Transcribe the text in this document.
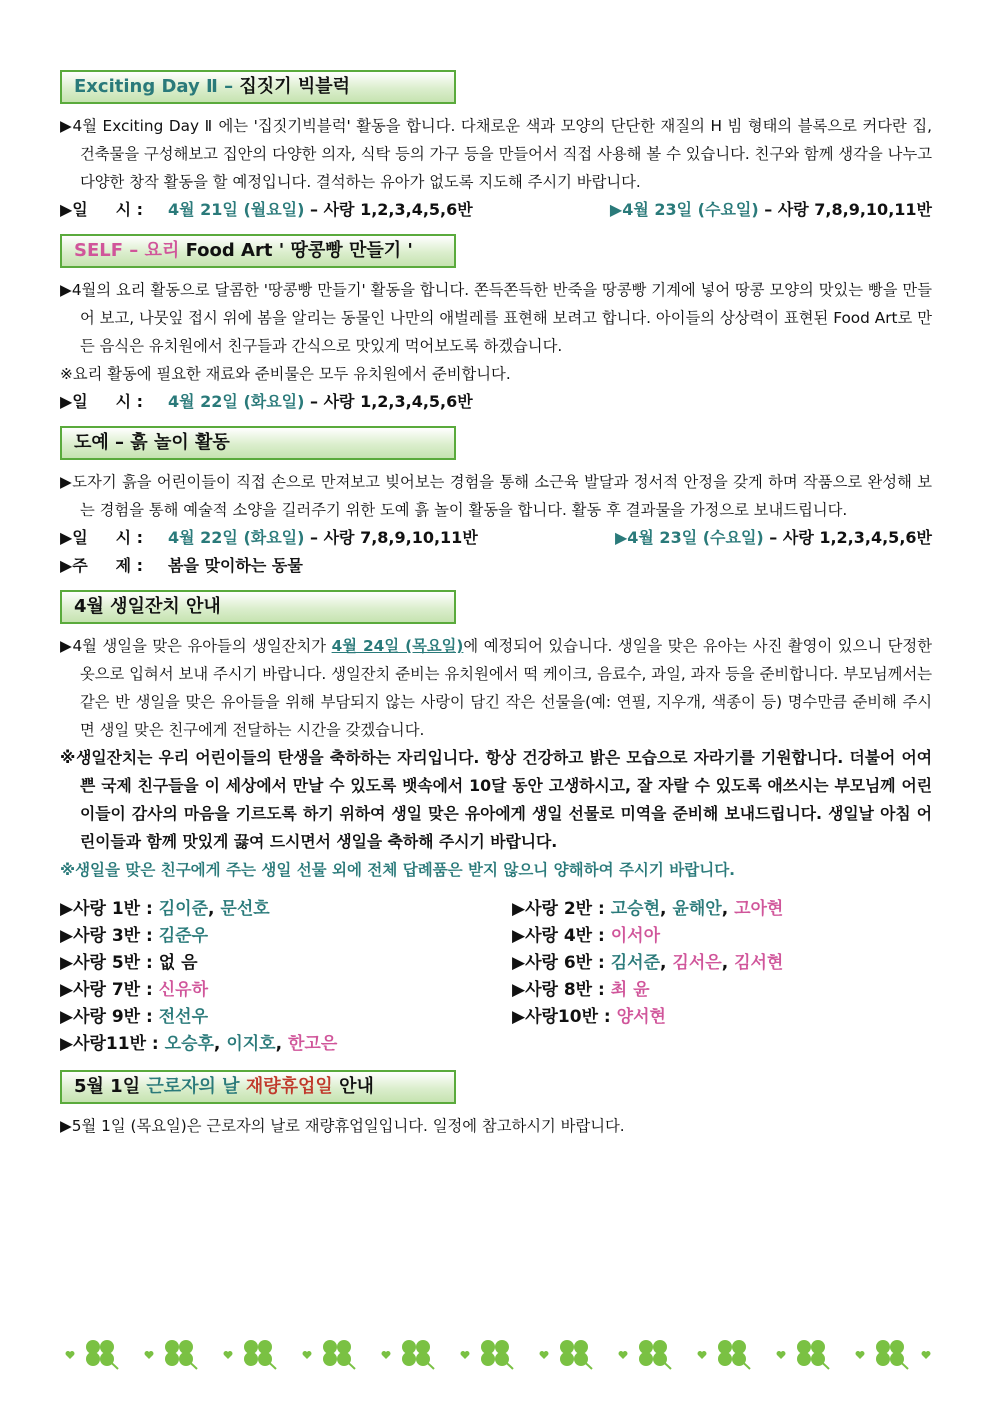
Exciting Day Ⅱ – 집짓기 빅블럭
▶4월 Exciting Day Ⅱ 에는 '집짓기빅블럭' 활동을 합니다. 다채로운 색과 모양의 단단한 재질의 H 빔 형태의 블록으로 커다란 집, 건축물을 구성해보고 집안의 다양한 의자, 식탁 등의 가구 등을 만들어서 직접 사용해 볼 수 있습니다. 친구와 함께 생각을 나누고 다양한 창작 활동을 할 예정입니다. 결석하는 유아가 없도록 지도해 주시기 바랍니다.
▶일     시 :	4월 21일 (월요일) – 사랑 1,2,3,4,5,6반	▶4월 23일 (수요일) – 사랑 7,8,9,10,11반
SELF – 요리 Food Art ' 땅콩빵 만들기 '
▶4월의 요리 활동으로 달콤한 '땅콩빵 만들기' 활동을 합니다. 쫀득쫀득한 반죽을 땅콩빵 기계에 넣어 땅콩 모양의 맛있는 빵을 만들어 보고, 나뭇잎 접시 위에 봄을 알리는 동물인 나만의 애벌레를 표현해 보려고 합니다. 아이들의 상상력이 표현된 Food Art로 만든 음식은 유치원에서 친구들과 간식으로 맛있게 먹어보도록 하겠습니다.
※요리 활동에 필요한 재료와 준비물은 모두 유치원에서 준비합니다.
▶일     시 :	4월 22일 (화요일) – 사랑 1,2,3,4,5,6반
도예 – 흙 놀이 활동
▶도자기 흙을 어린이들이 직접 손으로 만져보고 빚어보는 경험을 통해 소근육 발달과 정서적 안정을 갖게 하며 작품으로 완성해 보는 경험을 통해 예술적 소양을 길러주기 위한 도예 흙 놀이 활동을 합니다. 활동 후 결과물을 가정으로 보내드립니다.
▶일     시 :	4월 22일 (화요일) – 사랑 7,8,9,10,11반	▶4월 23일 (수요일) – 사랑 1,2,3,4,5,6반
▶주     제 :	봄을 맞이하는 동물
4월 생일잔치 안내
▶4월 생일을 맞은 유아들의 생일잔치가 4월 24일 (목요일)에 예정되어 있습니다. 생일을 맞은 유아는 사진 촬영이 있으니 단정한 옷으로 입혀서 보내 주시기 바랍니다. 생일잔치 준비는 유치원에서 떡 케이크, 음료수, 과일, 과자 등을 준비합니다. 부모님께서는 같은 반 생일을 맞은 유아들을 위해 부담되지 않는 사랑이 담긴 작은 선물을(예: 연필, 지우개, 색종이 등) 명수만큼 준비해 주시면 생일 맞은 친구에게 전달하는 시간을 갖겠습니다.
※생일잔치는 우리 어린이들의 탄생을 축하하는 자리입니다. 항상 건강하고 밝은 모습으로 자라기를 기원합니다. 더불어 어여쁜 국제 친구들을 이 세상에서 만날 수 있도록 뱃속에서 10달 동안 고생하시고, 잘 자랄 수 있도록 애쓰시는 부모님께 어린이들이 감사의 마음을 기르도록 하기 위하여 생일 맞은 유아에게 생일 선물로 미역을 준비해 보내드립니다. 생일날 아침 어린이들과 함께 맛있게 끓여 드시면서 생일을 축하해 주시기 바랍니다.
※생일을 맞은 친구에게 주는 생일 선물 외에 전체 답례품은 받지 않으니 양해하여 주시기 바랍니다.
▶사랑 1반 : 김이준, 문선호	▶사랑 2반 : 고승현, 윤해안, 고아현
▶사랑 3반 : 김준우	▶사랑 4반 : 이서아
▶사랑 5반 : 없 음	▶사랑 6반 : 김서준, 김서은, 김서현
▶사랑 7반 : 신유하	▶사랑 8반 : 최 윤
▶사랑 9반 : 전선우	▶사랑10반 : 양서현
▶사랑11반 : 오승후, 이지호, 한고은
5월 1일 근로자의 날 재량휴업일 안내
▶5월 1일 (목요일)은 근로자의 날로 재량휴업일입니다. 일정에 참고하시기 바랍니다.
